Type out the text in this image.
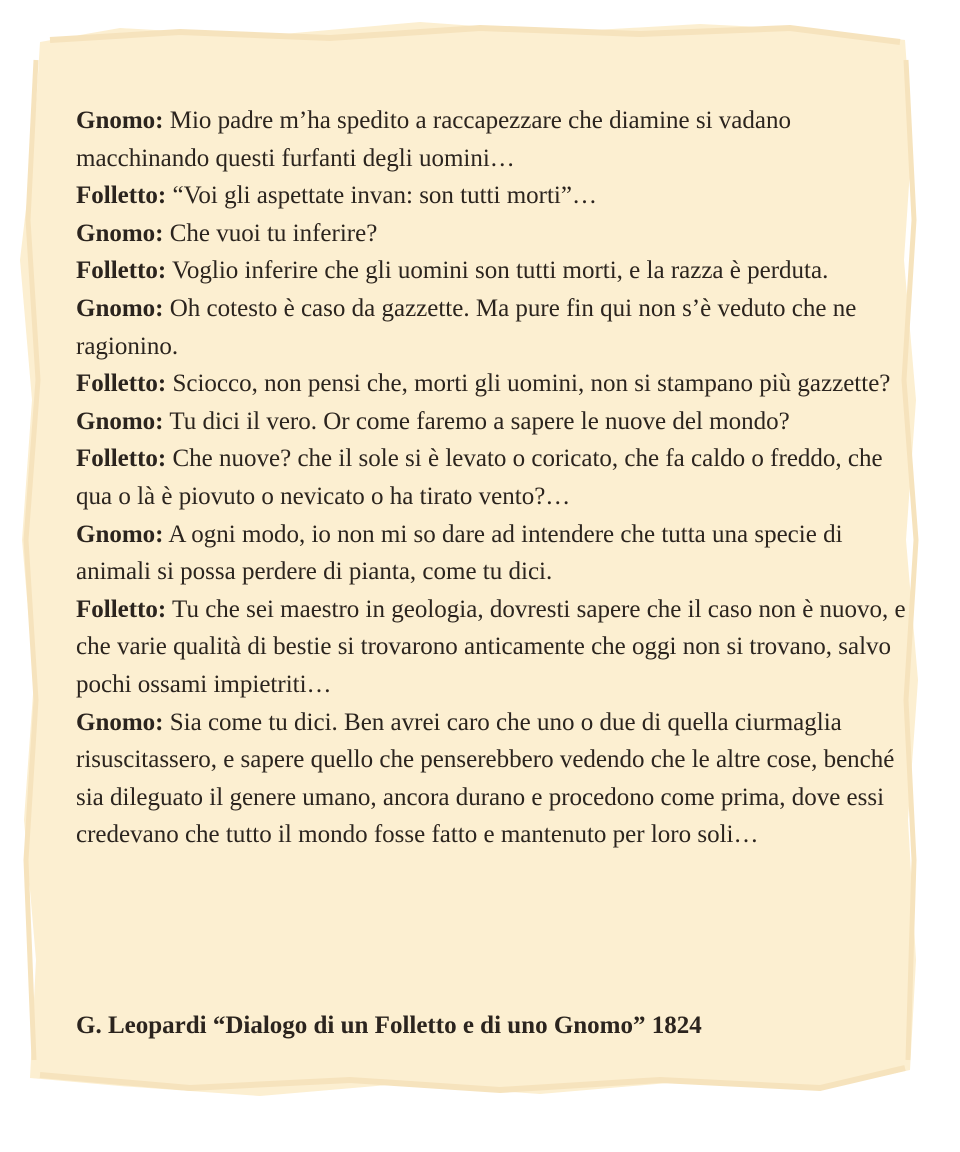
Gnomo: Mio padre m’ha spedito a raccapezzare che diamine si vadano macchinando questi furfanti degli uomini…

Folletto: “Voi gli aspettate invan: son tutti morti”…

Gnomo: Che vuoi tu inferire?

Folletto: Voglio inferire che gli uomini son tutti morti, e la razza è perduta.

Gnomo: Oh cotesto è caso da gazzette. Ma pure fin qui non s’è veduto che ne ragionino.

Folletto: Sciocco, non pensi che, morti gli uomini, non si stampano più gazzette?

Gnomo: Tu dici il vero. Or come faremo a sapere le nuove del mondo?

Folletto: Che nuove? che il sole si è levato o coricato, che fa caldo o freddo, che qua o là è piovuto o nevicato o ha tirato vento?…

Gnomo: A ogni modo, io non mi so dare ad intendere che tutta una specie di animali si possa perdere di pianta, come tu dici.

Folletto: Tu che sei maestro in geologia, dovresti sapere che il caso non è nuovo, e che varie qualità di bestie si trovarono anticamente che oggi non si trovano, salvo pochi ossami impietriti…

Gnomo: Sia come tu dici. Ben avrei caro che uno o due di quella ciurmaglia risuscitassero, e sapere quello che penserebbero vedendo che le altre cose, benché sia dileguato il genere umano, ancora durano e procedono come prima, dove essi credevano che tutto il mondo fosse fatto e mantenuto per loro soli…

G. Leopardi “Dialogo di un Folletto e di uno Gnomo” 1824
